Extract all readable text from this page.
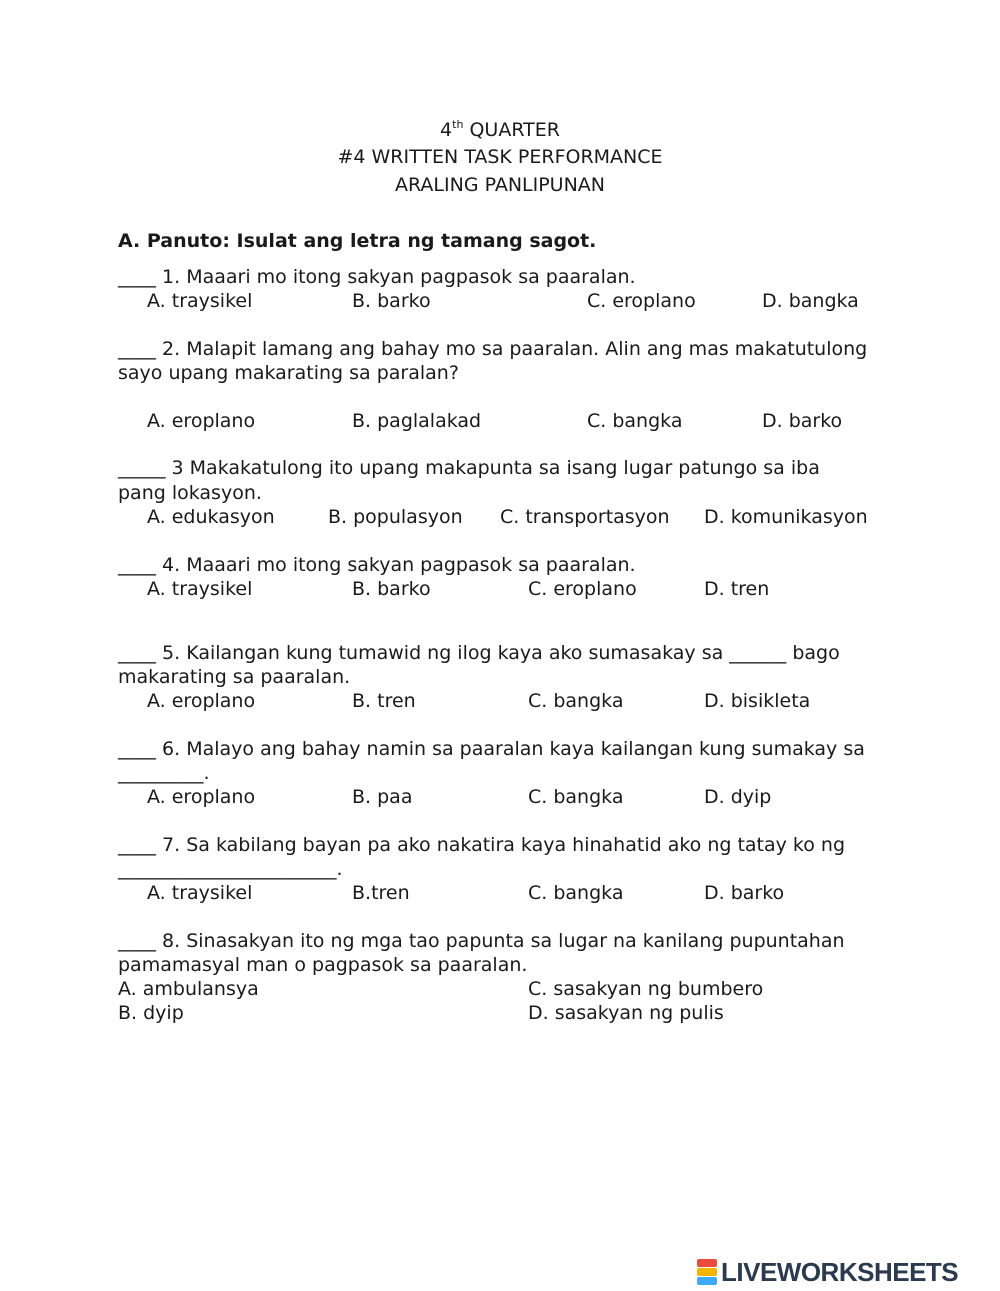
4th QUARTER
#4 WRITTEN TASK PERFORMANCE
ARALING PANLIPUNAN
A. Panuto: Isulat ang letra ng tamang sagot.
____ 1. Maaari mo itong sakyan pagpasok sa paaralan.
A. traysikel	B. barko	C. eroplano	D. bangka
____ 2. Malapit lamang ang bahay mo sa paaralan. Alin ang mas makatutulong
sayo upang makarating sa paralan?
A. eroplano	B. paglalakad	C. bangka	D. barko
_____ 3 Makakatulong ito upang makapunta sa isang lugar patungo sa iba
pang lokasyon.
A. edukasyon	B. populasyon C. transportasyon D. komunikasyon
____ 4. Maaari mo itong sakyan pagpasok sa paaralan.
A. traysikel	B. barko	C. eroplano	D. tren
____ 5. Kailangan kung tumawid ng ilog kaya ako sumasakay sa ______ bago
makarating sa paaralan.
A. eroplano	B. tren	C. bangka	D. bisikleta
____ 6. Malayo ang bahay namin sa paaralan kaya kailangan kung sumakay sa
_________.
A. eroplano	B. paa	C. bangka	D. dyip
____ 7. Sa kabilang bayan pa ako nakatira kaya hinahatid ako ng tatay ko ng
_______________________.
A. traysikel	B.tren	C. bangka	D. barko
____ 8. Sinasakyan ito ng mga tao papunta sa lugar na kanilang pupuntahan
pamamasyal man o pagpasok sa paaralan.
A. ambulansya	C. sasakyan ng bumbero
B. dyip	D. sasakyan ng pulis
LIVEWORKSHEETS
